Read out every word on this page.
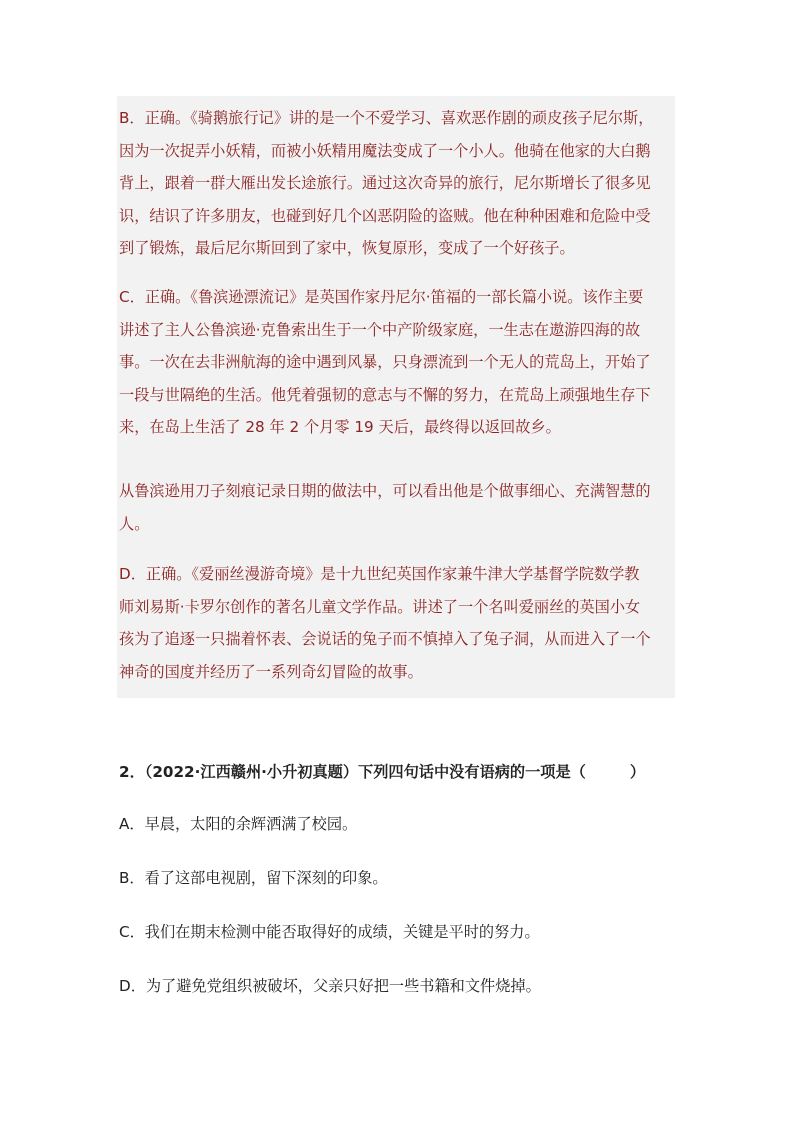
B．正确。《骑鹅旅行记》讲的是一个不爱学习、喜欢恶作剧的顽皮孩子尼尔斯，
因为一次捉弄小妖精，而被小妖精用魔法变成了一个小人。他骑在他家的大白鹅
背上，跟着一群大雁出发长途旅行。通过这次奇异的旅行，尼尔斯增长了很多见
识，结识了许多朋友，也碰到好几个凶恶阴险的盗贼。他在种种困难和危险中受
到了锻炼，最后尼尔斯回到了家中，恢复原形，变成了一个好孩子。
C．正确。《鲁滨逊漂流记》是英国作家丹尼尔·笛福的一部长篇小说。该作主要
讲述了主人公鲁滨逊·克鲁索出生于一个中产阶级家庭，一生志在遨游四海的故
事。一次在去非洲航海的途中遇到风暴，只身漂流到一个无人的荒岛上，开始了
一段与世隔绝的生活。他凭着强韧的意志与不懈的努力，在荒岛上顽强地生存下
来，在岛上生活了 28 年 2 个月零 19 天后，最终得以返回故乡。
从鲁滨逊用刀子刻痕记录日期的做法中，可以看出他是个做事细心、充满智慧的
人。
D．正确。《爱丽丝漫游奇境》是十九世纪英国作家兼牛津大学基督学院数学教
师刘易斯·卡罗尔创作的著名儿童文学作品。讲述了一个名叫爱丽丝的英国小女
孩为了追逐一只揣着怀表、会说话的兔子而不慎掉入了兔子洞，从而进入了一个
神奇的国度并经历了一系列奇幻冒险的故事。
2．（2022·江西赣州·小升初真题）下列四句话中没有语病的一项是（	）
A．早晨，太阳的余辉洒满了校园。
B．看了这部电视剧，留下深刻的印象。
C．我们在期末检测中能否取得好的成绩，关键是平时的努力。
D．为了避免党组织被破坏，父亲只好把一些书籍和文件烧掉。
